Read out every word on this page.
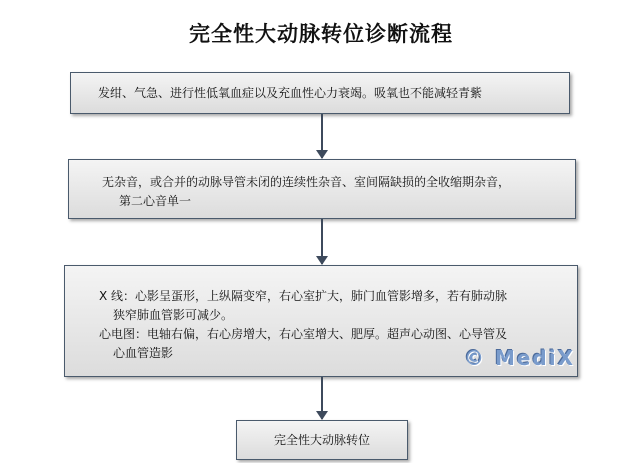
完全性大动脉转位诊断流程
发绀、气急、进行性低氧血症以及充血性心力衰竭。吸氧也不能减轻青紫
无杂音，或合并的动脉导管未闭的连续性杂音、室间隔缺损的全收缩期杂音，
第二心音单一
X 线：心影呈蛋形，上纵隔变窄，右心室扩大，肺门血管影增多，若有肺动脉
狭窄肺血管影可减少。
心电图：电轴右偏，右心房增大，右心室增大、肥厚。超声心动图、心导管及
心血管造影	© MediX
完全性大动脉转位
